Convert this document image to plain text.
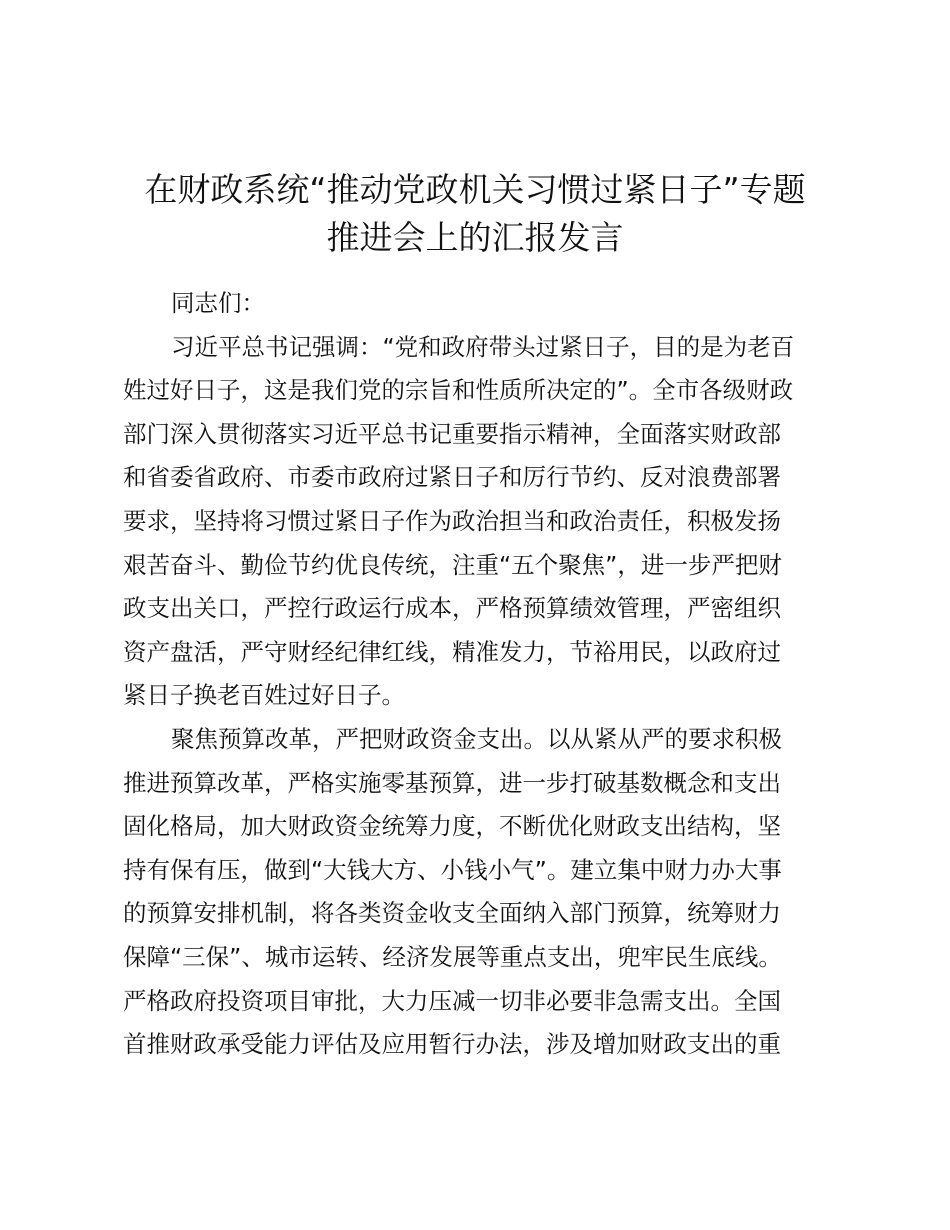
在财政系统“推动党政机关习惯过紧日子”专题
推进会上的汇报发言
同志们：
习近平总书记强调：“党和政府带头过紧日子，目的是为老百
姓过好日子，这是我们党的宗旨和性质所决定的”。全市各级财政
部门深入贯彻落实习近平总书记重要指示精神，全面落实财政部
和省委省政府、市委市政府过紧日子和厉行节约、反对浪费部署
要求，坚持将习惯过紧日子作为政治担当和政治责任，积极发扬
艰苦奋斗、勤俭节约优良传统，注重“五个聚焦”，进一步严把财
政支出关口，严控行政运行成本，严格预算绩效管理，严密组织
资产盘活，严守财经纪律红线，精准发力，节裕用民，以政府过
紧日子换老百姓过好日子。
聚焦预算改革，严把财政资金支出。以从紧从严的要求积极
推进预算改革，严格实施零基预算，进一步打破基数概念和支出
固化格局，加大财政资金统筹力度，不断优化财政支出结构，坚
持有保有压，做到“大钱大方、小钱小气”。建立集中财力办大事
的预算安排机制，将各类资金收支全面纳入部门预算，统筹财力
保障“三保”、城市运转、经济发展等重点支出，兜牢民生底线。
严格政府投资项目审批，大力压减一切非必要非急需支出。全国
首推财政承受能力评估及应用暂行办法，涉及增加财政支出的重
